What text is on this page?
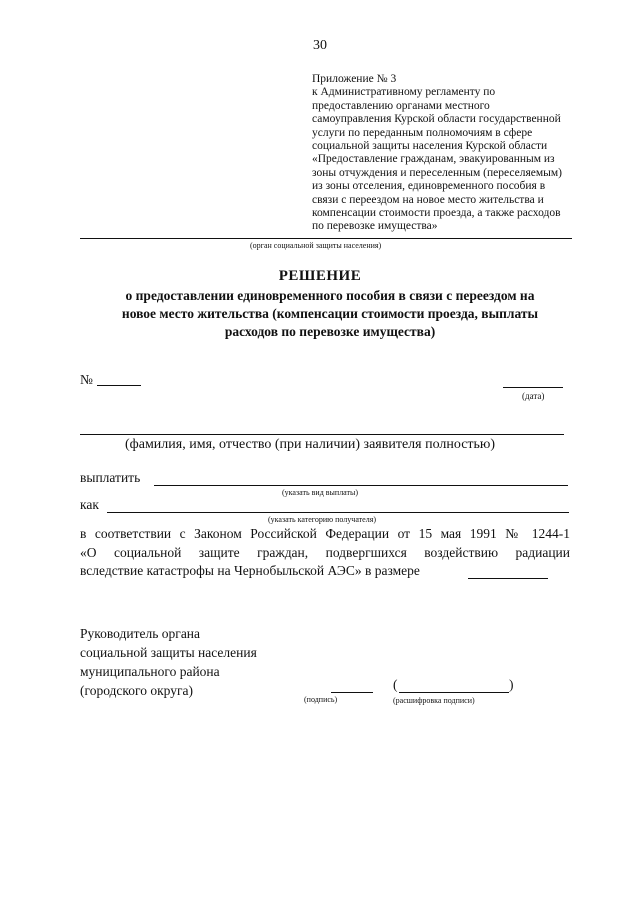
30
Приложение № 3
к Административному регламенту по
предоставлению органами местного
самоуправления Курской области государственной
услуги по переданным полномочиям в сфере
социальной защиты населения Курской области
«Предоставление гражданам, эвакуированным из
зоны отчуждения и переселенным (переселяемым)
из зоны отселения, единовременного пособия в
связи с переездом на новое место жительства и
компенсации стоимости проезда, а также расходов
по перевозке имущества»
(орган социальной защиты населения)
РЕШЕНИЕ
о предоставлении единовременного пособия в связи с переездом на
новое место жительства (компенсации стоимости проезда, выплаты
расходов по перевозке имущества)
№
(дата)
(фамилия, имя, отчество (при наличии) заявителя полностью)
выплатить
(указать вид выплаты)
как
(указать категорию получателя)
в соответствии с Законом Российской Федерации от 15 мая 1991 № 1244-1
«О социальной защите граждан, подвергшихся воздействию радиации
вследствие катастрофы на Чернобыльской АЭС» в размере
Руководитель органа
социальной защиты населения
муниципального района
(городского округа)
(подпись)
(	)
(расшифровка подписи)
